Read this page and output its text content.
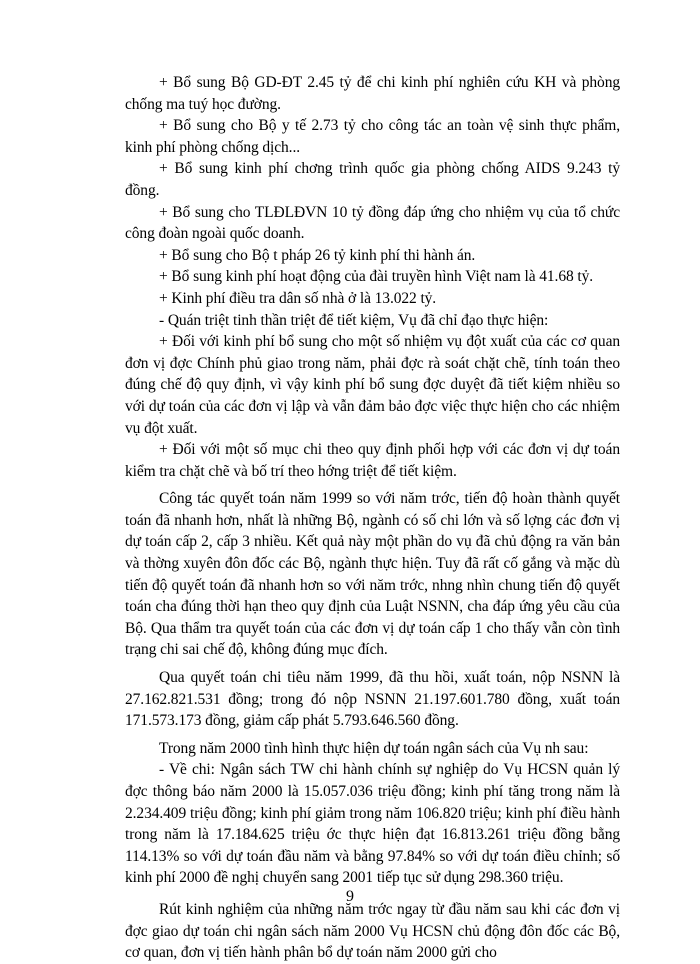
+ Bổ sung Bộ GD-ĐT 2.45 tỷ để chi kinh phí nghiên cứu KH và phòng chống ma tuý học đường.

+ Bổ sung cho Bộ y tế 2.73 tỷ cho công tác an toàn vệ sinh thực phẩm, kinh phí phòng chống dịch...

+ Bổ sung kinh phí chơng trình quốc gia phòng chống AIDS 9.243 tỷ đồng.

+ Bổ sung cho TLĐLĐVN 10 tỷ đồng đáp ứng cho nhiệm vụ của tổ chức công đoàn ngoài quốc doanh.

+ Bổ sung cho Bộ t pháp 26 tỷ kinh phí thi hành án.

+ Bổ sung kinh phí hoạt động của đài truyền hình Việt nam là 41.68 tỷ.

+ Kinh phí điều tra dân số nhà ở là 13.022 tỷ.

- Quán triệt tinh thần triệt để tiết kiệm, Vụ đã chỉ đạo thực hiện:

+ Đối với kinh phí bổ sung cho một số nhiệm vụ đột xuất của các cơ quan đơn vị đợc Chính phủ giao trong năm, phải đợc rà soát chặt chẽ, tính toán theo đúng chế độ quy định, vì vậy kinh phí bổ sung đợc duyệt đã tiết kiệm nhiều so với dự toán của các đơn vị lập và vẫn đảm bảo đợc việc thực hiện cho các nhiệm vụ đột xuất.

+ Đối với một số mục chi theo quy định phối hợp với các đơn vị dự toán kiểm tra chặt chẽ và bố trí theo hớng triệt để tiết kiệm.

Công tác quyết toán năm 1999 so với năm trớc, tiến độ hoàn thành quyết toán đã nhanh hơn, nhất là những Bộ, ngành có số chi lớn và số lợng các đơn vị dự toán cấp 2, cấp 3 nhiều. Kết quả này một phần do vụ đã chủ động ra văn bản và thờng xuyên đôn đốc các Bộ, ngành thực hiện. Tuy đã rất cố gắng và mặc dù tiến độ quyết toán đã nhanh hơn so với năm trớc, nhng nhìn chung tiến độ quyết toán cha đúng thời hạn theo quy định của Luật NSNN, cha đáp ứng yêu cầu của Bộ. Qua thẩm tra quyết toán của các đơn vị dự toán cấp 1 cho thấy vẫn còn tình trạng chi sai chế độ, không đúng mục đích.

Qua quyết toán chi tiêu năm 1999, đã thu hồi, xuất toán, nộp NSNN là 27.162.821.531 đồng; trong đó nộp NSNN 21.197.601.780 đồng, xuất toán 171.573.173 đồng, giảm cấp phát 5.793.646.560 đồng.

Trong năm 2000 tình hình thực hiện dự toán ngân sách của Vụ nh sau:

- Về chi: Ngân sách TW chi hành chính sự nghiệp do Vụ HCSN quản lý đợc thông báo năm 2000 là 15.057.036 triệu đồng; kinh phí tăng trong năm là 2.234.409 triệu đồng; kinh phí giảm trong năm 106.820 triệu; kinh phí điều hành trong năm là 17.184.625 triệu ớc thực hiện đạt 16.813.261 triệu đồng bằng 114.13% so với dự toán đầu năm và bằng 97.84% so với dự toán điều chỉnh; số kinh phí 2000 đề nghị chuyển sang 2001 tiếp tục sử dụng 298.360 triệu.

Rút kinh nghiệm của những năm trớc ngay từ đầu năm sau khi các đơn vị đợc giao dự toán chi ngân sách năm 2000 Vụ HCSN chủ động đôn đốc các Bộ, cơ quan, đơn vị tiến hành phân bổ dự toán năm 2000 gửi cho

9
